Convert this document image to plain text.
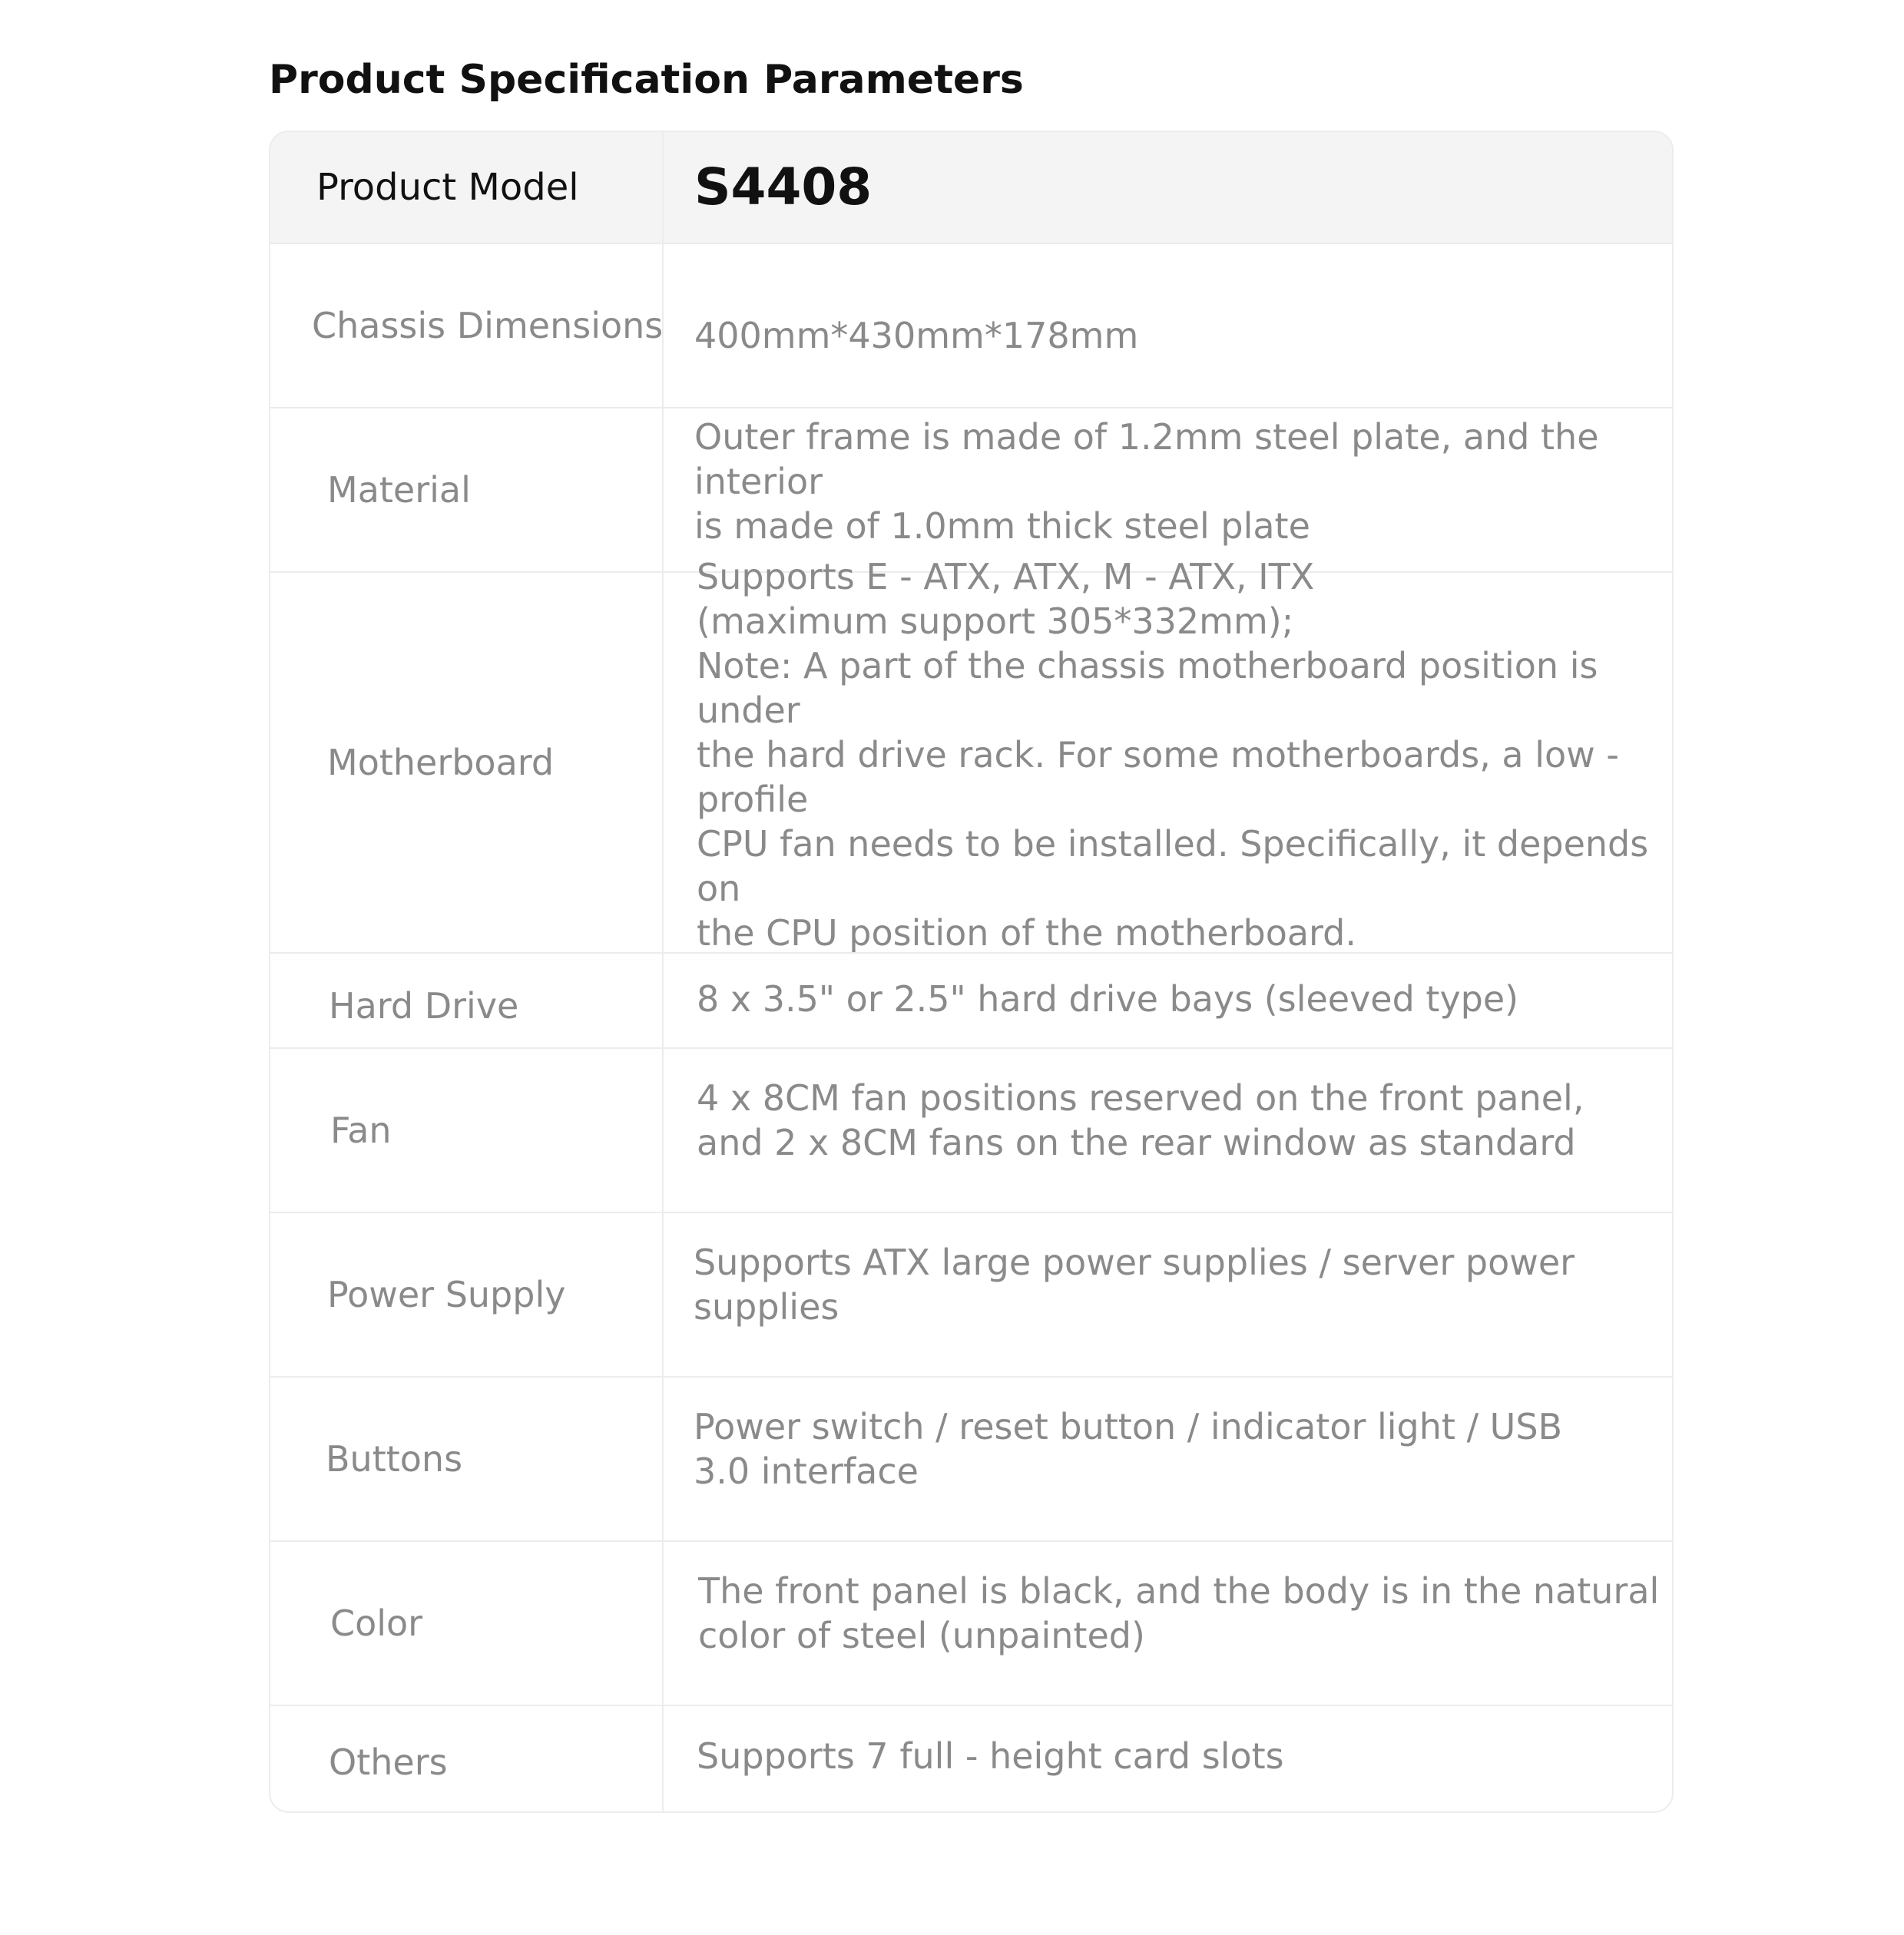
Product Specification Parameters
Product Model S4408
Chassis Dimensions 400mm*430mm*178mm
Material
Outer frame is made of 1.2mm steel plate, and the interior
is made of 1.0mm thick steel plate
Motherboard
Supports E - ATX, ATX, M - ATX, ITX
(maximum support 305*332mm);
Note: A part of the chassis motherboard position is under
the hard drive rack. For some motherboards, a low - profile
CPU fan needs to be installed. Specifically, it depends on
the CPU position of the motherboard.
Hard Drive	8 x 3.5" or 2.5" hard drive bays (sleeved type)
Fan
4 x 8CM fan positions reserved on the front panel,
and 2 x 8CM fans on the rear window as standard
Power Supply
Supports ATX large power supplies / server power
supplies
Buttons
Power switch / reset button / indicator light / USB
3.0 interface
Color
The front panel is black, and the body is in the natural
color of steel (unpainted)
Others	Supports 7 full - height card slots
